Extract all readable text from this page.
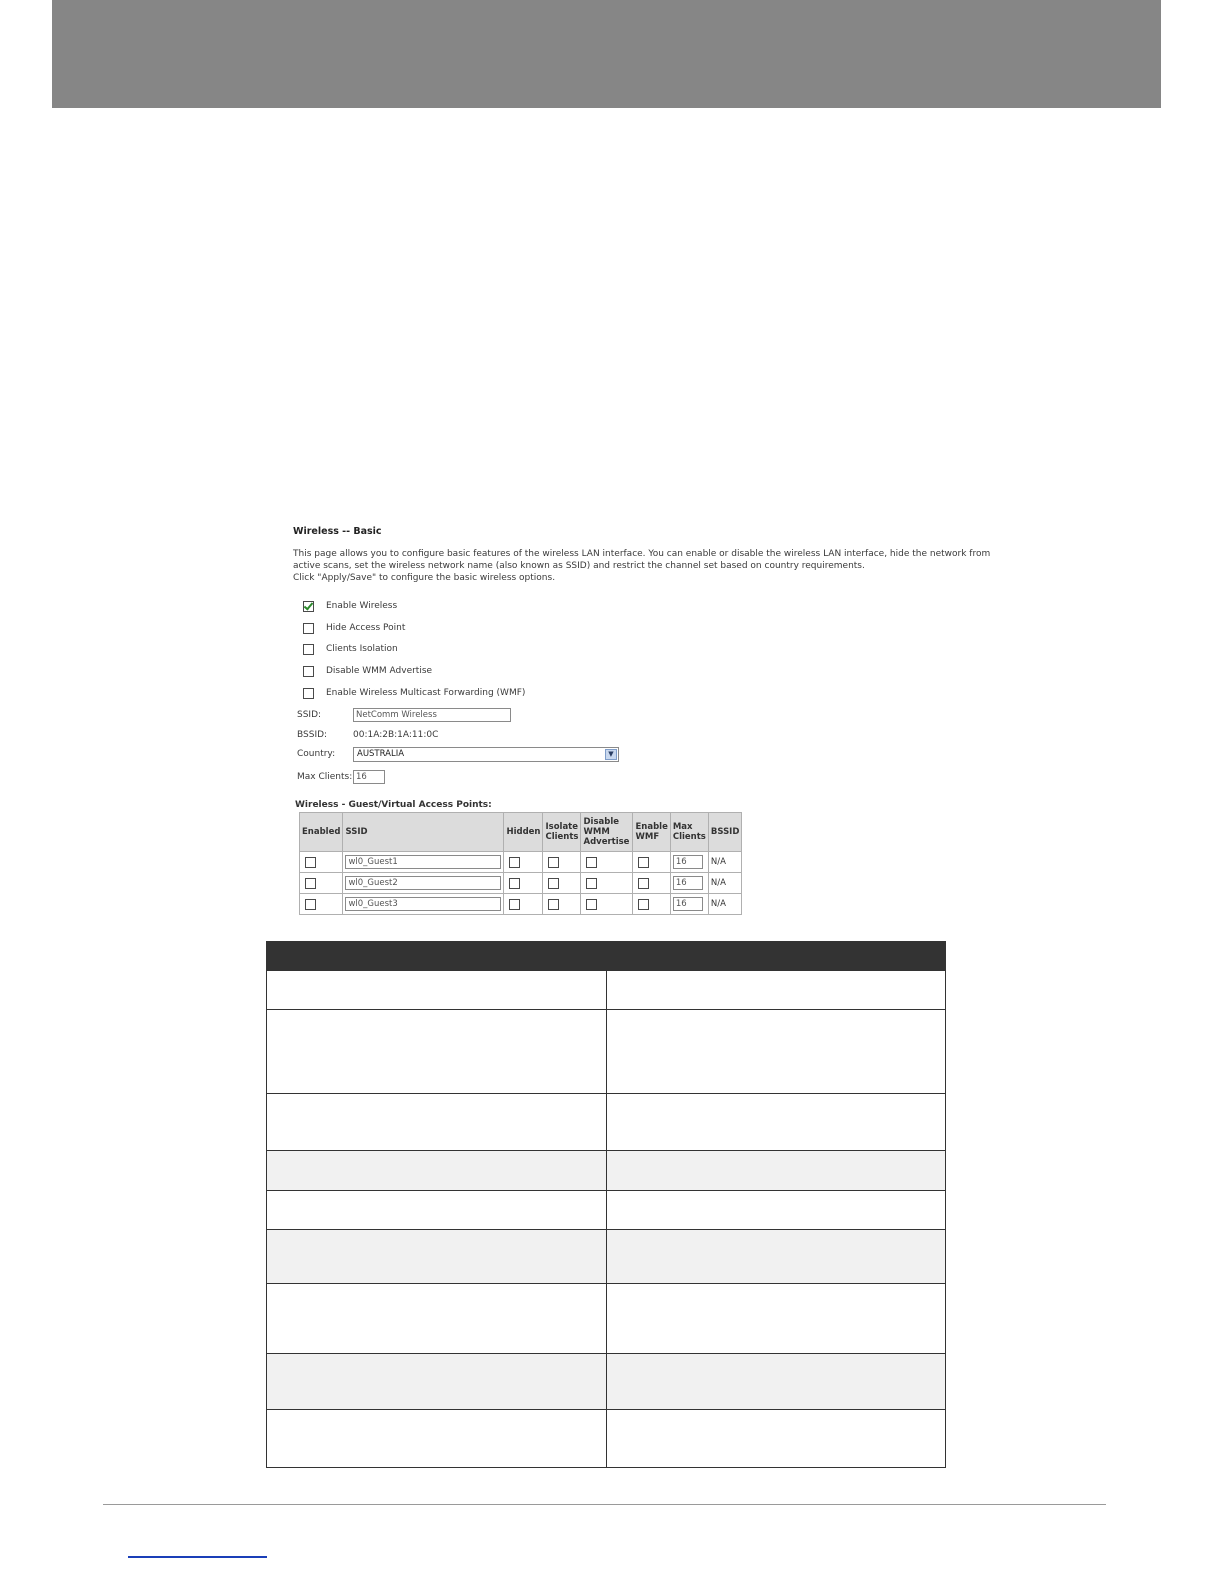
Wireless -- Basic
This page allows you to configure basic features of the wireless LAN interface. You can enable or disable the wireless LAN interface, hide the network from
active scans, set the wireless network name (also known as SSID) and restrict the channel set based on country requirements.
Click "Apply/Save" to configure the basic wireless options.
Enable Wireless
Hide Access Point
Clients Isolation
Disable WMM Advertise
Enable Wireless Multicast Forwarding (WMF)
SSID:	NetComm Wireless
BSSID:	00:1A:2B:1A:11:0C
Country:	AUSTRALIA	▼
Max Clients: 16
Wireless - Guest/Virtual Access Points:
Enabled	SSID	Hidden	Isolate Clients	Disable WMM Advertise	Enable WMF	Max Clients	BSSID

	wl0_Guest1					16	N/A

	wl0_Guest2					16	N/A

	wl0_Guest3					16	N/A
